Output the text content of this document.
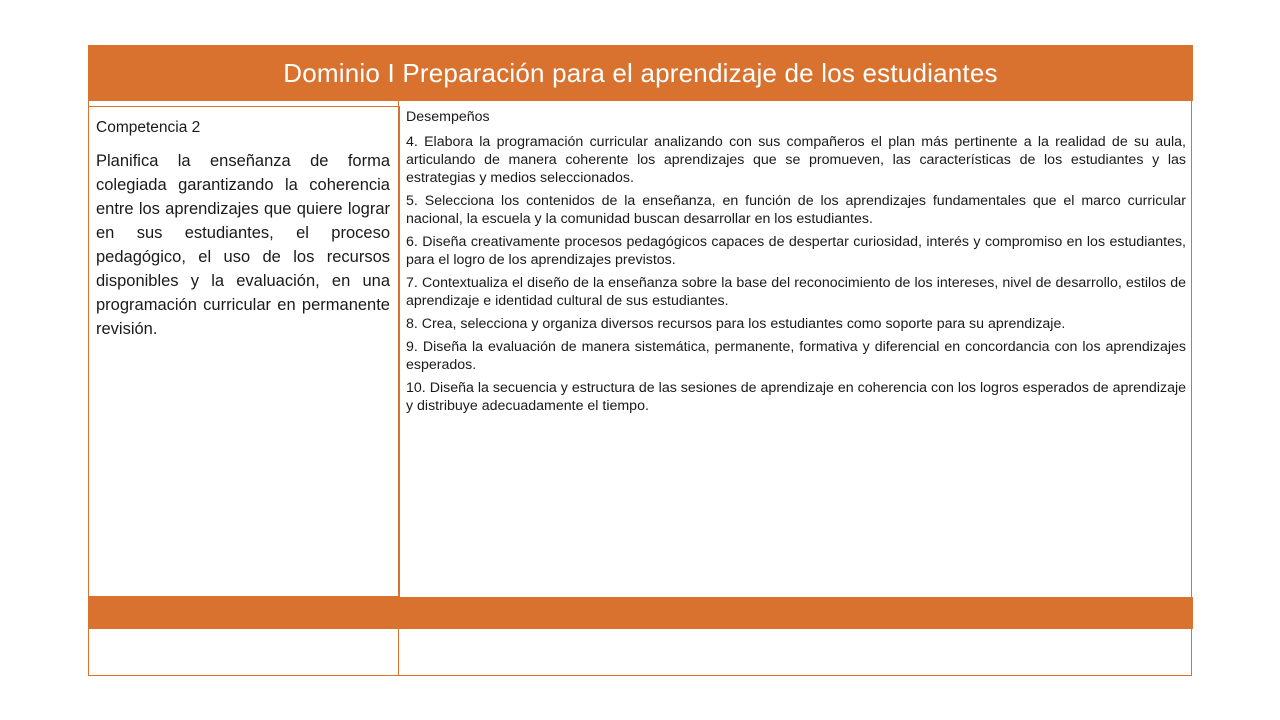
Dominio I Preparación para el aprendizaje de los estudiantes

Competencia 2

Planifica la enseñanza de forma colegiada garantizando la coherencia entre los aprendizajes que quiere lograr en sus estudiantes, el proceso pedagógico, el uso de los recursos disponibles y la evaluación, en una programación curricular en permanente revisión.

Desempeños

4. Elabora la programación curricular analizando con sus compañeros el plan más pertinente a la realidad de su aula, articulando de manera coherente los aprendizajes que se promueven, las características de los estudiantes y las estrategias y medios seleccionados.

5. Selecciona los contenidos de la enseñanza, en función de los aprendizajes fundamentales que el marco curricular nacional, la escuela y la comunidad buscan desarrollar en los estudiantes.

6. Diseña creativamente procesos pedagógicos capaces de despertar curiosidad, interés y compromiso en los estudiantes, para el logro de los aprendizajes previstos.

7. Contextualiza el diseño de la enseñanza sobre la base del reconocimiento de los intereses, nivel de desarrollo, estilos de aprendizaje e identidad cultural de sus estudiantes.

8. Crea, selecciona y organiza diversos recursos para los estudiantes como soporte para su aprendizaje.

9. Diseña la evaluación de manera sistemática, permanente, formativa y diferencial en concordancia con los aprendizajes esperados.

10. Diseña la secuencia y estructura de las sesiones de aprendizaje en coherencia con los logros esperados de aprendizaje y distribuye adecuadamente el tiempo.
